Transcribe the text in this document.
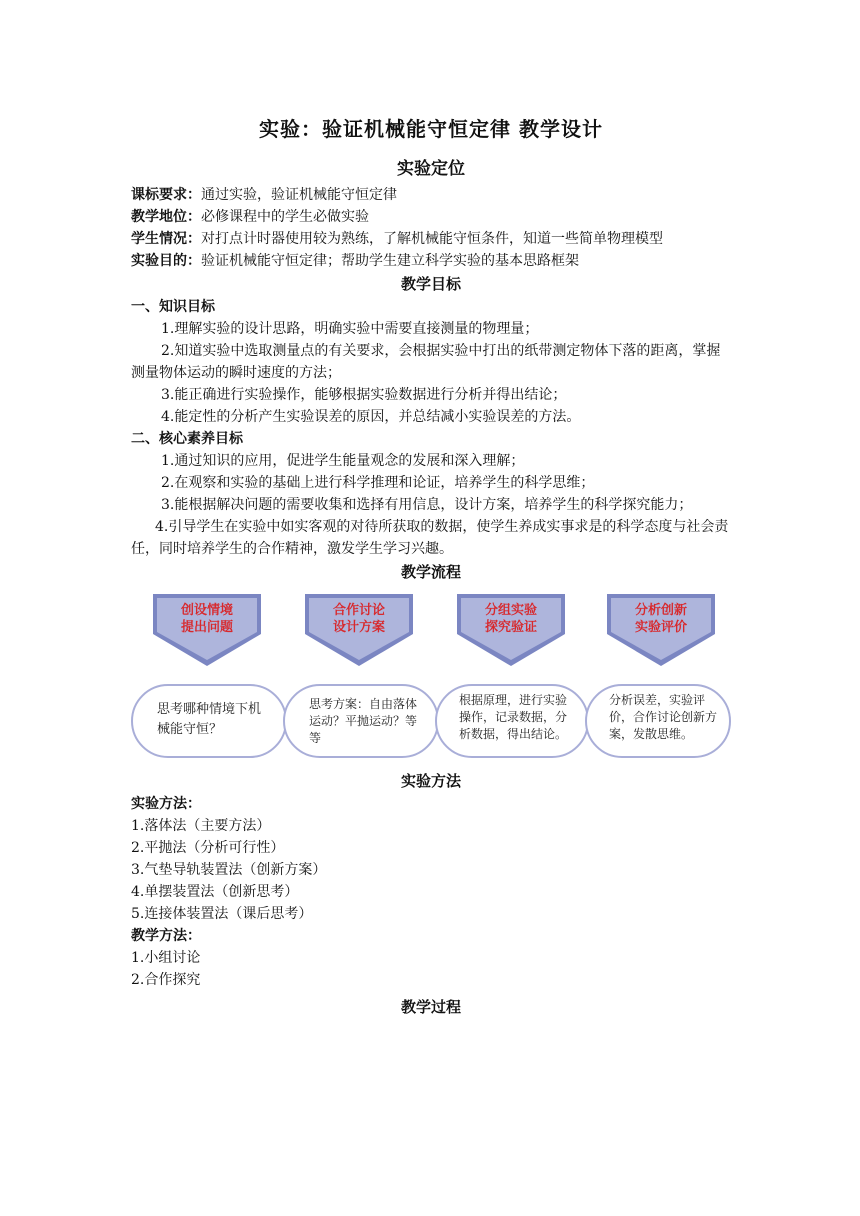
实验：验证机械能守恒定律 教学设计
实验定位

课标要求：通过实验，验证机械能守恒定律

教学地位：必修课程中的学生必做实验

学生情况：对打点计时器使用较为熟练，了解机械能守恒条件，知道一些简单物理模型

实验目的：验证机械能守恒定律；帮助学生建立科学实验的基本思路框架

教学目标
一、知识目标

1.理解实验的设计思路，明确实验中需要直接测量的物理量；

2.知道实验中选取测量点的有关要求，会根据实验中打出的纸带测定物体下落的距离，掌握测量物体运动的瞬时速度的方法；

3.能正确进行实验操作，能够根据实验数据进行分析并得出结论；

4.能定性的分析产生实验误差的原因，并总结减小实验误差的方法。

二、核心素养目标

1.通过知识的应用，促进学生能量观念的发展和深入理解；

2.在观察和实验的基础上进行科学推理和论证，培养学生的科学思维；

3.能根据解决问题的需要收集和选择有用信息，设计方案，培养学生的科学探究能力；

4.引导学生在实验中如实客观的对待所获取的数据，使学生养成实事求是的科学态度与社会责任，同时培养学生的合作精神，激发学生学习兴趣。

教学流程
创设情境
提出问题
合作讨论
设计方案
分组实验
探究验证
分析创新
实验评价
思考哪种情境下机械能守恒？
思考方案：自由落体运动？平抛运动？等等
根据原理，进行实验操作，记录数据，分析数据，得出结论。
分析误差，实验评价，合作讨论创新方案，发散思维。
实验方法
实验方法：

1.落体法（主要方法）

2.平抛法（分析可行性）

3.气垫导轨装置法（创新方案）

4.单摆装置法（创新思考）

5.连接体装置法（课后思考）

教学方法：

1.小组讨论

2.合作探究

教学过程
